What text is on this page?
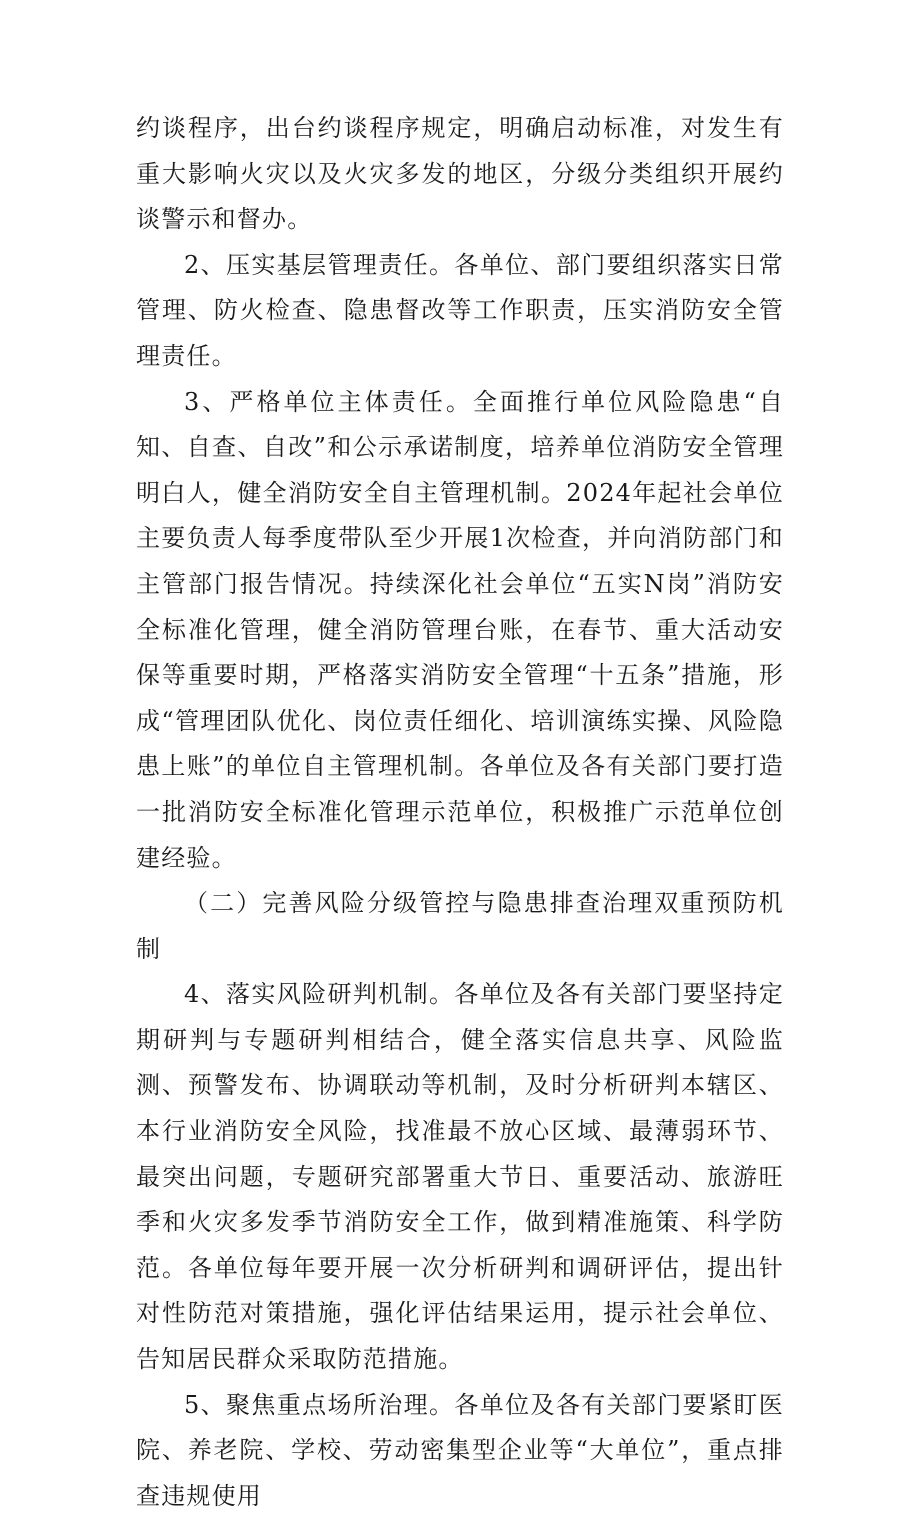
约谈程序，出台约谈程序规定，明确启动标准，对发生有重大影响火灾以及火灾多发的地区，分级分类组织开展约谈警示和督办。

2、压实基层管理责任。各单位、部门要组织落实日常管理、防火检查、隐患督改等工作职责，压实消防安全管理责任。

3、严格单位主体责任。全面推行单位风险隐患“自知、自查、自改”和公示承诺制度，培养单位消防安全管理明白人，健全消防安全自主管理机制。2024年起社会单位主要负责人每季度带队至少开展1次检查，并向消防部门和主管部门报告情况。持续深化社会单位“五实N岗”消防安全标准化管理，健全消防管理台账，在春节、重大活动安保等重要时期，严格落实消防安全管理“十五条”措施，形成“管理团队优化、岗位责任细化、培训演练实操、风险隐患上账”的单位自主管理机制。各单位及各有关部门要打造一批消防安全标准化管理示范单位，积极推广示范单位创建经验。

（二）完善风险分级管控与隐患排查治理双重预防机制

4、落实风险研判机制。各单位及各有关部门要坚持定期研判与专题研判相结合，健全落实信息共享、风险监测、预警发布、协调联动等机制，及时分析研判本辖区、本行业消防安全风险，找准最不放心区域、最薄弱环节、最突出问题，专题研究部署重大节日、重要活动、旅游旺季和火灾多发季节消防安全工作，做到精准施策、科学防范。各单位每年要开展一次分析研判和调研评估，提出针对性防范对策措施，强化评估结果运用，提示社会单位、告知居民群众采取防范措施。

5、聚焦重点场所治理。各单位及各有关部门要紧盯医院、养老院、学校、劳动密集型企业等“大单位”，重点排查违规使用
